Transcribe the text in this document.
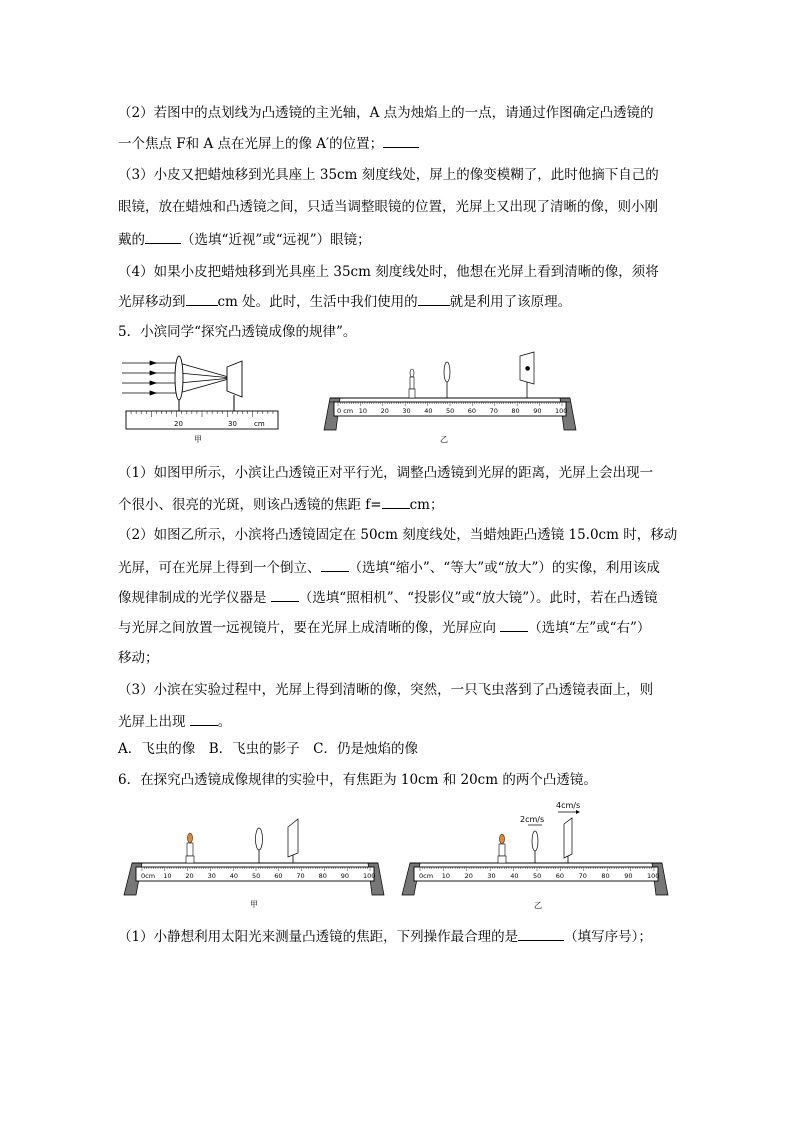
（2）若图中的点划线为凸透镜的主光轴，A 点为烛焰上的一点，请通过作图确定凸透镜的
一个焦点 F和 A 点在光屏上的像 A′的位置；
（3）小皮又把蜡烛移到光具座上 35cm 刻度线处，屏上的像变模糊了，此时他摘下自己的
眼镜，放在蜡烛和凸透镜之间，只适当调整眼镜的位置，光屏上又出现了清晰的像，则小刚
戴的	（选填“近视”或“远视”）眼镜；
（4）如果小皮把蜡烛移到光具座上 35cm 刻度线处时，他想在光屏上看到清晰的像，须将
光屏移动到 cm 处。此时，生活中我们使用的 就是利用了该原理。
5．小滨同学“探究凸透镜成像的规律”。
20	30 cm
甲
0 cm 10 20 30 40 50 60 70 80 90 100
●
乙
（1）如图甲所示，小滨让凸透镜正对平行光，调整凸透镜到光屏的距离，光屏上会出现一
个很小、很亮的光斑，则该凸透镜的焦距 f= cm；
（2）如图乙所示，小滨将凸透镜固定在 50cm 刻度线处，当蜡烛距凸透镜 15.0cm 时，移动
光屏，可在光屏上得到一个倒立、 （选填“缩小”、“等大”或“放大”）的实像，利用该成
像规律制成的光学仪器是 （选填“照相机”、“投影仪”或“放大镜”）。此时，若在凸透镜
与光屏之间放置一远视镜片，要在光屏上成清晰的像，光屏应向 （选填“左”或“右”）
移动；
（3）小滨在实验过程中，光屏上得到清晰的像，突然，一只飞虫落到了凸透镜表面上，则
光屏上出现 。
A．飞虫的像　B．飞虫的影子　C．仍是烛焰的像
6．在探究凸透镜成像规律的实验中，有焦距为 10cm 和 20cm 的两个凸透镜。
0cm 10 20 30 40 50 60 70 80 90 100
甲
0cm 10 20 30 40 50 60 70 80 90 100
2cm/s
4cm/s
乙
（1）小静想利用太阳光来测量凸透镜的焦距，下列操作最合理的是	（填写序号）；
